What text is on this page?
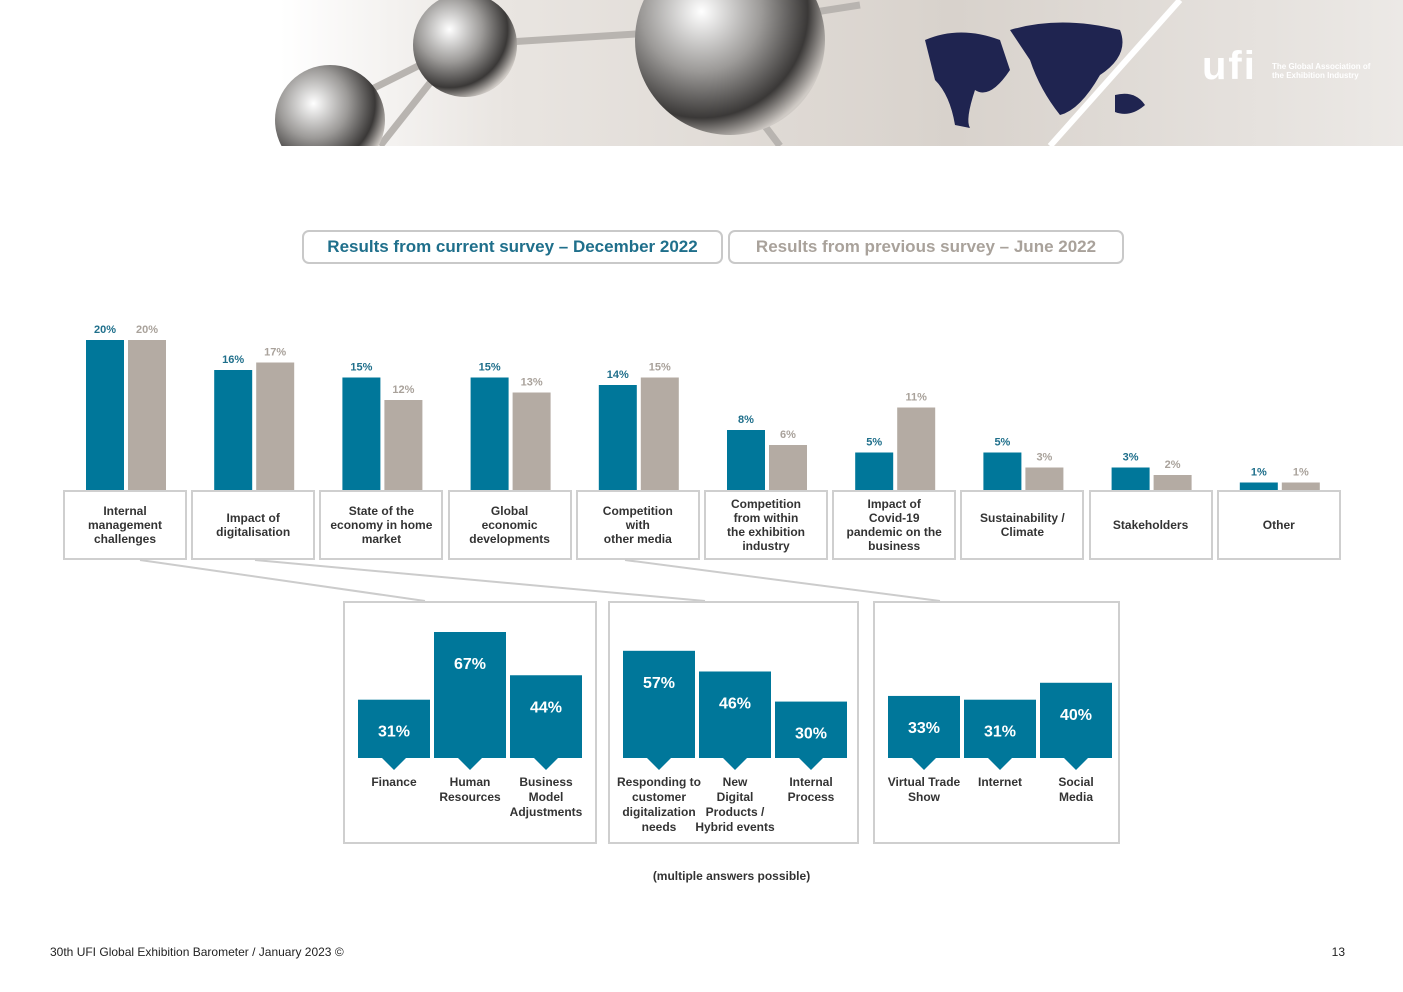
ufi The Global Association of the Exhibition Industry
Results from current survey – December 2022	Results from previous survey – June 2022
20% 20%
16%
17%
15%
12%
15%
13%
14%
15%
8%
6%
5%
11%
5%
3%	3%
2%
1% 1%
Internal
management
challenges
Impact of
digitalisation
State of the
economy in home
market
Global
economic
developments
Competition
with
other media
Competition
from within
the exhibition
industry
Impact of
Covid-19
pandemic on the
business
Sustainability /
Climate	Stakeholders	Other
31%
67%
44%
Finance	Human
Resources
Business
Model
Adjustments
57%
46%
30%
Responding to
customer
digitalization
needs
New
Digital
Products /
Hybrid events
Internal
Process
33%	31%
40%
Virtual Trade
Show
Internet	Social
Media
(multiple answers possible)
30th UFI Global Exhibition Barometer / January 2023 ©	13
